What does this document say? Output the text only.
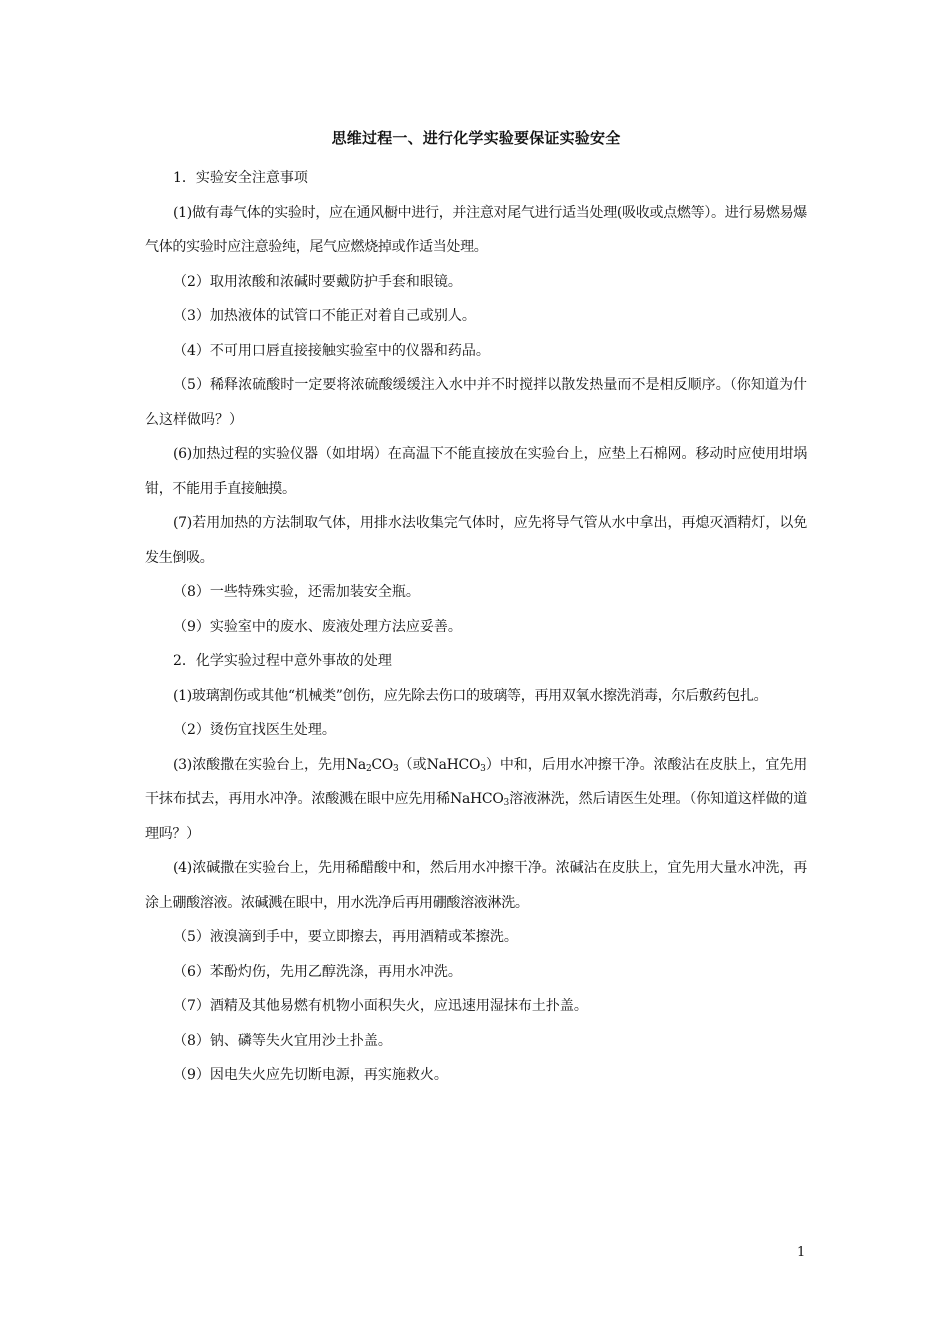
思维过程一、进行化学实验要保证实验安全

1．实验安全注意事项

(1)做有毒气体的实验时，应在通风橱中进行，并注意对尾气进行适当处理(吸收或点燃等）。进行易燃易爆气体的实验时应注意验纯，尾气应燃烧掉或作适当处理。

（2）取用浓酸和浓碱时要戴防护手套和眼镜。

（3）加热液体的试管口不能正对着自己或别人。

（4）不可用口唇直接接触实验室中的仪器和药品。

（5）稀释浓硫酸时一定要将浓硫酸缓缓注入水中并不时搅拌以散发热量而不是相反顺序。（你知道为什么这样做吗？）

(6)加热过程的实验仪器（如坩埚）在高温下不能直接放在实验台上，应垫上石棉网。移动时应使用坩埚钳，不能用手直接触摸。

(7)若用加热的方法制取气体，用排水法收集完气体时，应先将导气管从水中拿出，再熄灭酒精灯，以免发生倒吸。

（8）一些特殊实验，还需加装安全瓶。

（9）实验室中的废水、废液处理方法应妥善。

2．化学实验过程中意外事故的处理

(1)玻璃割伤或其他“机械类”创伤，应先除去伤口的玻璃等，再用双氧水擦洗消毒，尔后敷药包扎。

（2）烫伤宜找医生处理。

(3)浓酸撒在实验台上，先用$Na_2CO_3$（或NaHCO$_3$）中和，后用水冲擦干净。浓酸沾在皮肤上，宜先用干抹布拭去，再用水冲净。浓酸溅在眼中应先用稀NaHCO$_3$溶液淋洗，然后请医生处理。（你知道这样做的道理吗？）

(4)浓碱撒在实验台上，先用稀醋酸中和，然后用水冲擦干净。浓碱沾在皮肤上，宜先用大量水冲洗，再涂上硼酸溶液。浓碱溅在眼中，用水洗净后再用硼酸溶液淋洗。

（5）液溴滴到手中，要立即擦去，再用酒精或苯擦洗。

（6）苯酚灼伤，先用乙醇洗涤，再用水冲洗。

（7）酒精及其他易燃有机物小面积失火，应迅速用湿抹布土扑盖。

（8）钠、磷等失火宜用沙土扑盖。

（9）因电失火应先切断电源，再实施救火。

1
